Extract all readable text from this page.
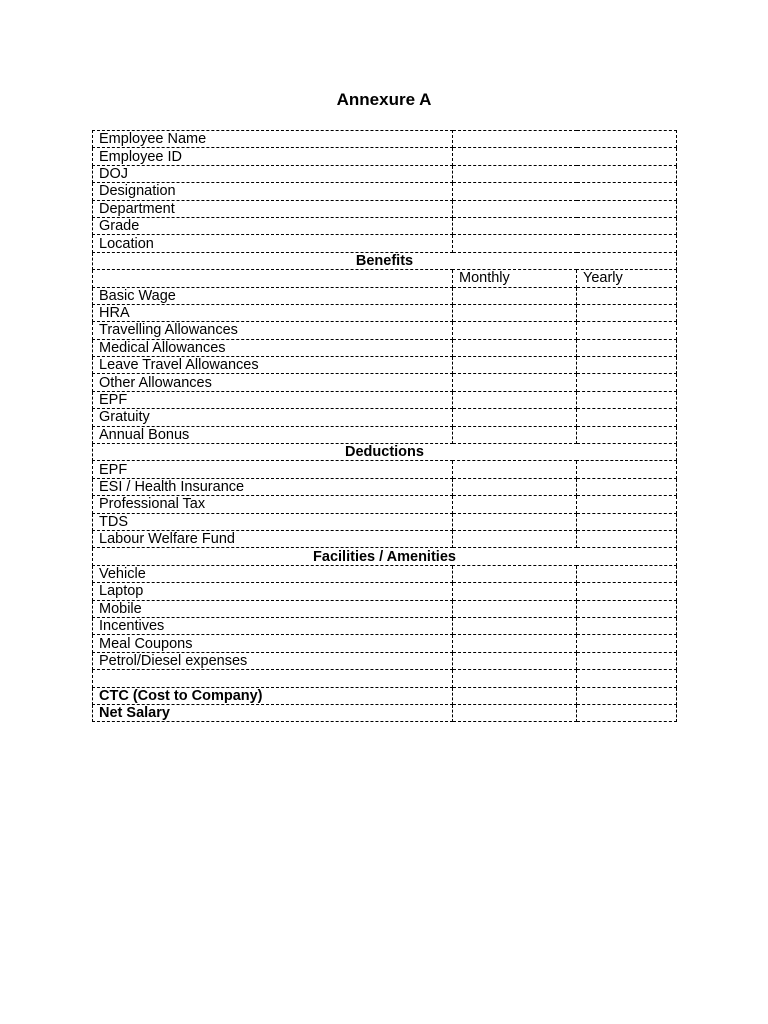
Annexure A
Employee Name		
Employee ID		
DOJ		
Designation		
Department		
Grade		
Location		
Benefits		
	Monthly	Yearly
Basic Wage		
HRA		
Travelling Allowances		
Medical Allowances		
Leave Travel Allowances		
Other Allowances		
EPF		
Gratuity		
Annual Bonus		
Deductions		
EPF		
ESI / Health Insurance		
Professional Tax		
TDS		
Labour Welfare Fund		
Facilities / Amenities		
Vehicle		
Laptop		
Mobile		
Incentives		
Meal Coupons		
Petrol/Diesel expenses		

CTC (Cost to Company)		
Net Salary		
